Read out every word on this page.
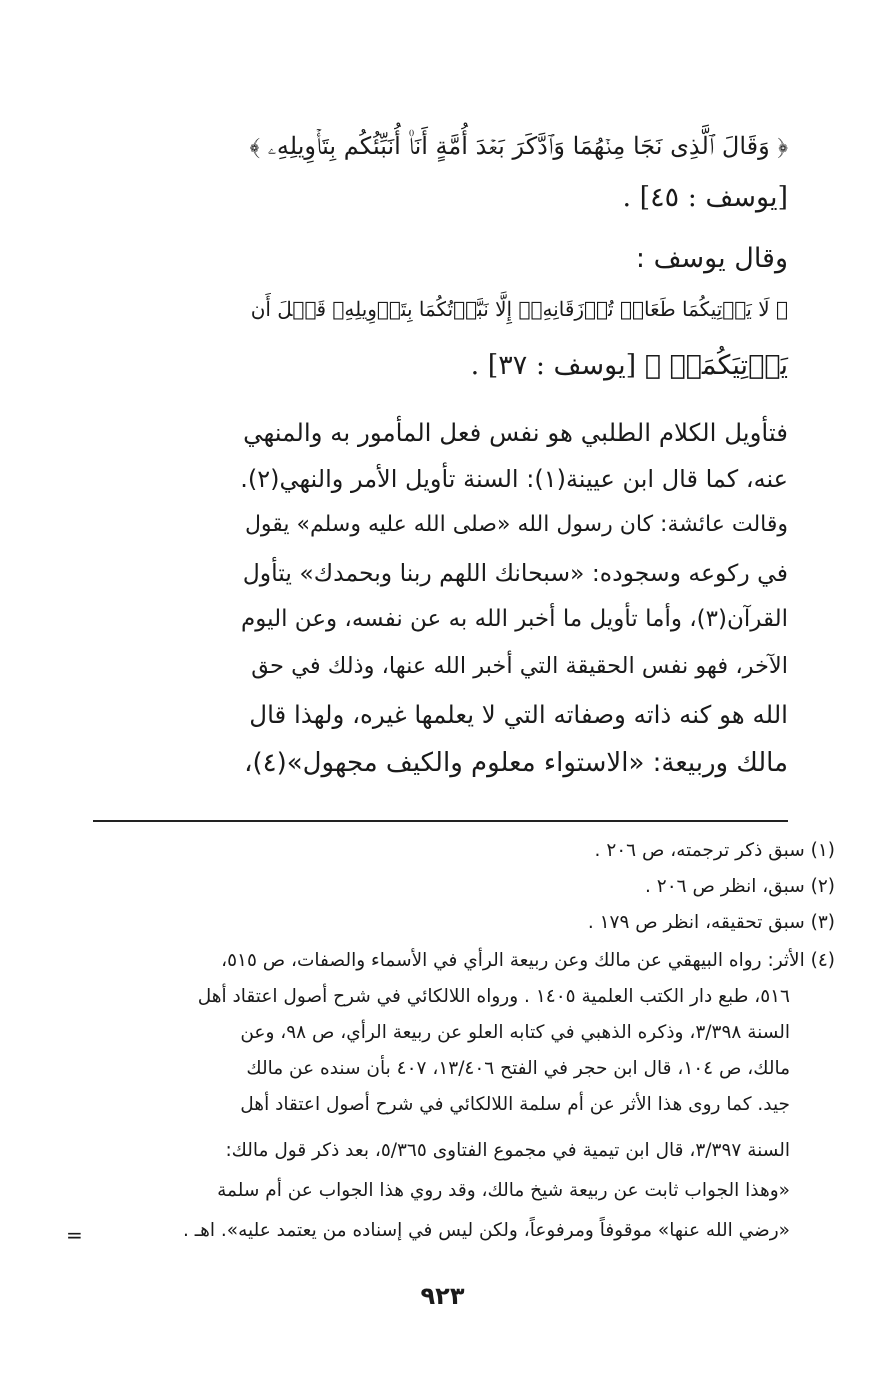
﴿ وَقَالَ ٱلَّذِى نَجَا مِنۡهُمَا وَٱدَّكَرَ بَعۡدَ أُمَّةٍ أَنَا۠ أُنَبِّئُكُم بِتَأۡوِيلِهِۦ ﴾
[يوسف : ٤٥] .
وقال يوسف :
﴿ لَا يَأۡتِيكُمَا طَعَامٞ تُرۡزَقَانِهِۦٓ إِلَّا نَبَّأۡتُكُمَا بِتَأۡوِيلِهِۦ قَبۡلَ أَن
يَأۡتِيَكُمَاۚ ﴾ [يوسف : ٣٧] .
فتأويل الكلام الطلبي هو نفس فعل المأمور به والمنهي
عنه، كما قال ابن عيينة(١): السنة تأويل الأمر والنهي(٢).
وقالت عائشة: كان رسول الله «صلى الله عليه وسلم» يقول
في ركوعه وسجوده: «سبحانك اللهم ربنا وبحمدك» يتأول
القرآن(٣)، وأما تأويل ما أخبر الله به عن نفسه، وعن اليوم
الآخر، فهو نفس الحقيقة التي أخبر الله عنها، وذلك في حق
الله هو كنه ذاته وصفاته التي لا يعلمها غيره، ولهذا قال
مالك وربيعة: «الاستواء معلوم والكيف مجهول»(٤)،
(١) سبق ذكر ترجمته، ص ٢٠٦ .
(٢) سبق، انظر ص ٢٠٦ .
(٣) سبق تحقيقه، انظر ص ١٧٩ .
(٤) الأثر: رواه البيهقي عن مالك وعن ربيعة الرأي في الأسماء والصفات، ص ٥١٥،
٥١٦، طبع دار الكتب العلمية ١٤٠٥ . ورواه اللالكائي في شرح أصول اعتقاد أهل
السنة ٣/٣٩٨، وذكره الذهبي في كتابه العلو عن ربيعة الرأي، ص ٩٨، وعن
مالك، ص ١٠٤، قال ابن حجر في الفتح ١٣/٤٠٦، ٤٠٧ بأن سنده عن مالك
جيد. كما روى هذا الأثر عن أم سلمة اللالكائي في شرح أصول اعتقاد أهل
السنة ٣/٣٩٧، قال ابن تيمية في مجموع الفتاوى ٥/٣٦٥، بعد ذكر قول مالك:
«وهذا الجواب ثابت عن ربيعة شيخ مالك، وقد روي هذا الجواب عن أم سلمة
«رضي الله عنها» موقوفاً ومرفوعاً، ولكن ليس في إسناده من يعتمد عليه». اهـ .
=
٩٢٣
